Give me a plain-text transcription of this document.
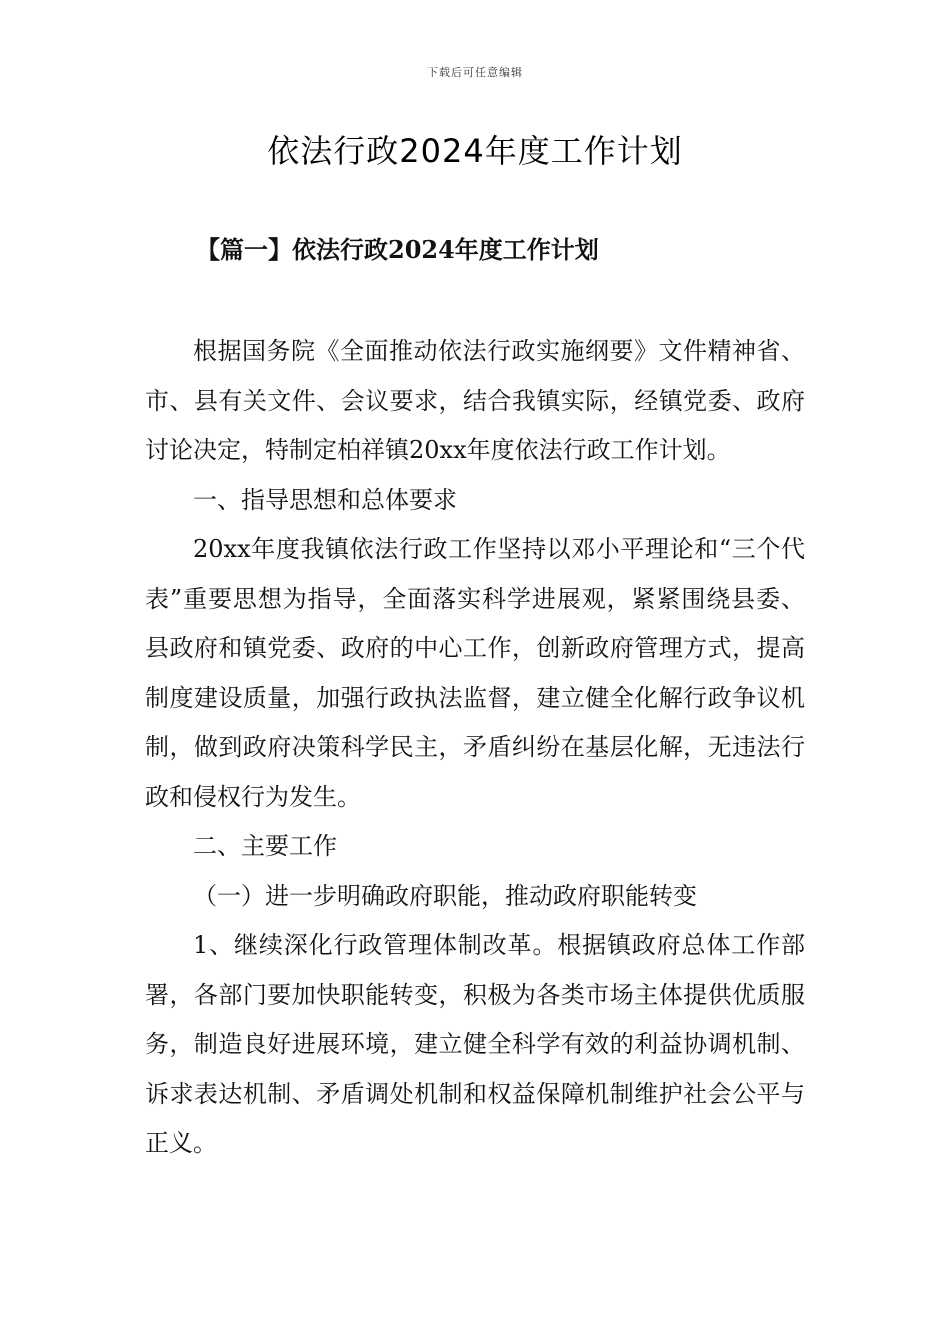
下载后可任意编辑
依法行政2024年度工作计划
【篇一】依法行政2024年度工作计划

根据国务院《全面推动依法行政实施纲要》文件精神省、市、县有关文件、会议要求，结合我镇实际，经镇党委、政府讨论决定，特制定柏祥镇20xx年度依法行政工作计划。

一、指导思想和总体要求

20xx年度我镇依法行政工作坚持以邓小平理论和“三个代表”重要思想为指导，全面落实科学进展观，紧紧围绕县委、县政府和镇党委、政府的中心工作，创新政府管理方式，提高制度建设质量，加强行政执法监督，建立健全化解行政争议机制，做到政府决策科学民主，矛盾纠纷在基层化解，无违法行政和侵权行为发生。

二、主要工作

（一）进一步明确政府职能，推动政府职能转变

1、继续深化行政管理体制改革。根据镇政府总体工作部署，各部门要加快职能转变，积极为各类市场主体提供优质服务，制造良好进展环境，建立健全科学有效的利益协调机制、诉求表达机制、矛盾调处机制和权益保障机制维护社会公平与正义。
